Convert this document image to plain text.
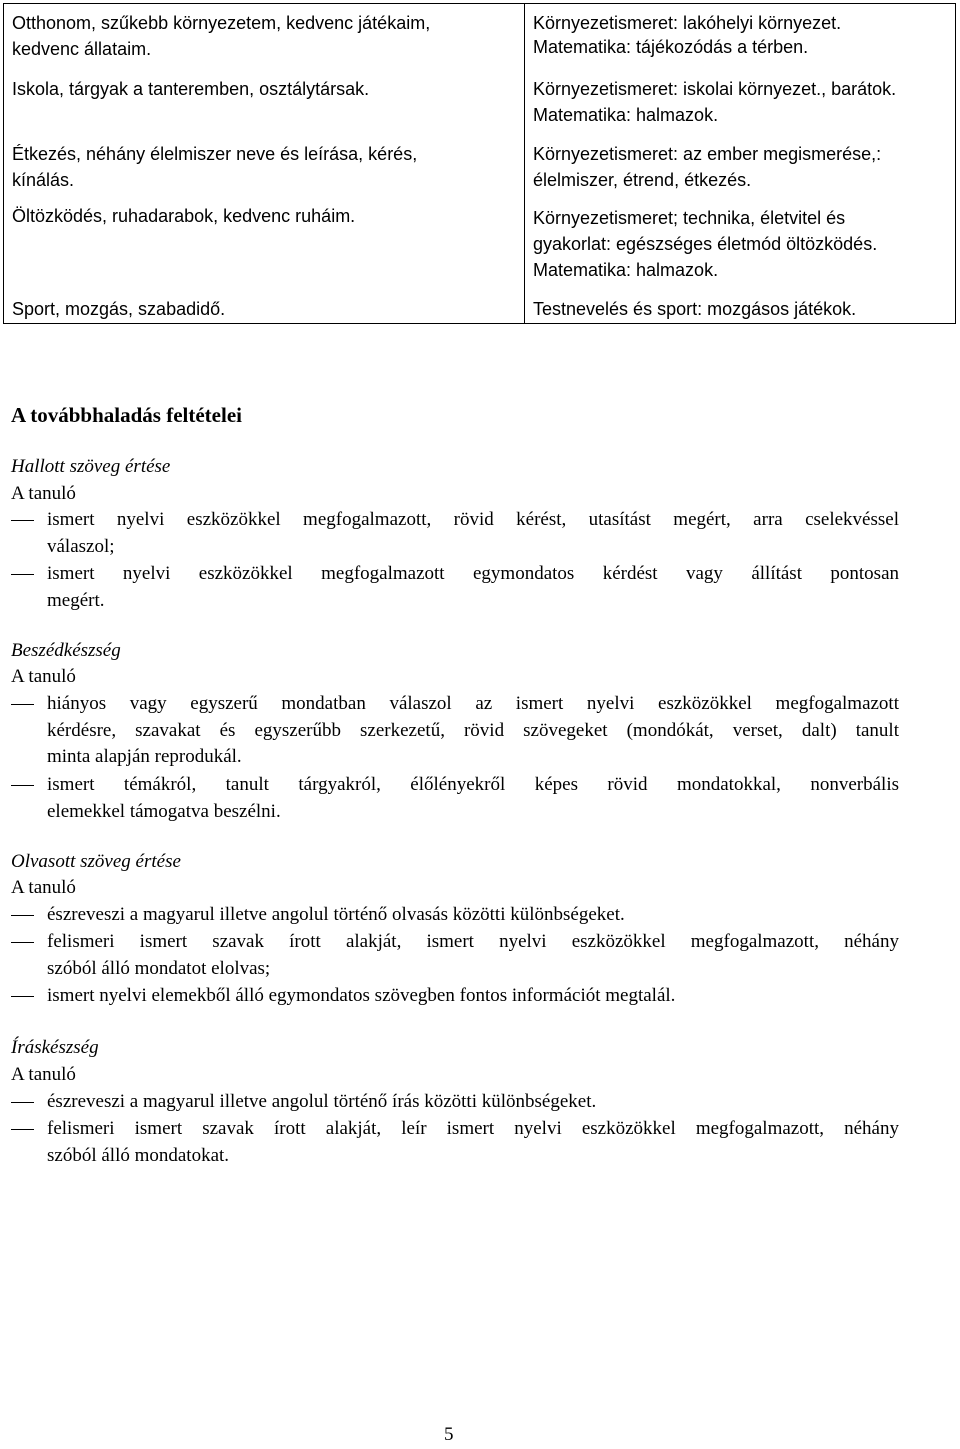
Otthonom, szűkebb környezetem, kedvenc játékaim,
kedvenc állataim.
Iskola, tárgyak a tanteremben, osztálytársak.
Étkezés, néhány élelmiszer neve és leírása, kérés,
kínálás.
Öltözködés, ruhadarabok, kedvenc ruháim.
Sport, mozgás, szabadidő.
Környezetismeret: lakóhelyi környezet.
Matematika: tájékozódás a térben.
Környezetismeret: iskolai környezet., barátok.
Matematika: halmazok.
Környezetismeret: az ember megismerése,:
élelmiszer, étrend, étkezés.
Környezetismeret; technika, életvitel és
gyakorlat: egészséges életmód öltözködés.
Matematika: halmazok.
Testnevelés és sport: mozgásos játékok.
A továbbhaladás feltételei
Hallott szöveg értése
A tanuló
ismert nyelvi eszközökkel megfogalmazott, rövid kérést, utasítást megért, arra cselekvéssel
válaszol;
ismert nyelvi eszközökkel megfogalmazott egymondatos kérdést vagy állítást pontosan
megért.
Beszédkészség
A tanuló
hiányos vagy egyszerű mondatban válaszol az ismert nyelvi eszközökkel megfogalmazott
kérdésre, szavakat és egyszerűbb szerkezetű, rövid szövegeket (mondókát, verset, dalt) tanult
minta alapján reprodukál.
ismert témákról, tanult tárgyakról, élőlényekről képes rövid mondatokkal, nonverbális
elemekkel támogatva beszélni.
Olvasott szöveg értése
A tanuló
észreveszi a magyarul illetve angolul történő olvasás közötti különbségeket.
felismeri ismert szavak írott alakját, ismert nyelvi eszközökkel megfogalmazott, néhány
szóból álló mondatot elolvas;
ismert nyelvi elemekből álló egymondatos szövegben fontos információt megtalál.
Íráskészség
A tanuló
észreveszi a magyarul illetve angolul történő írás közötti különbségeket.
felismeri ismert szavak írott alakját, leír ismert nyelvi eszközökkel megfogalmazott, néhány
szóból álló mondatokat.
5
